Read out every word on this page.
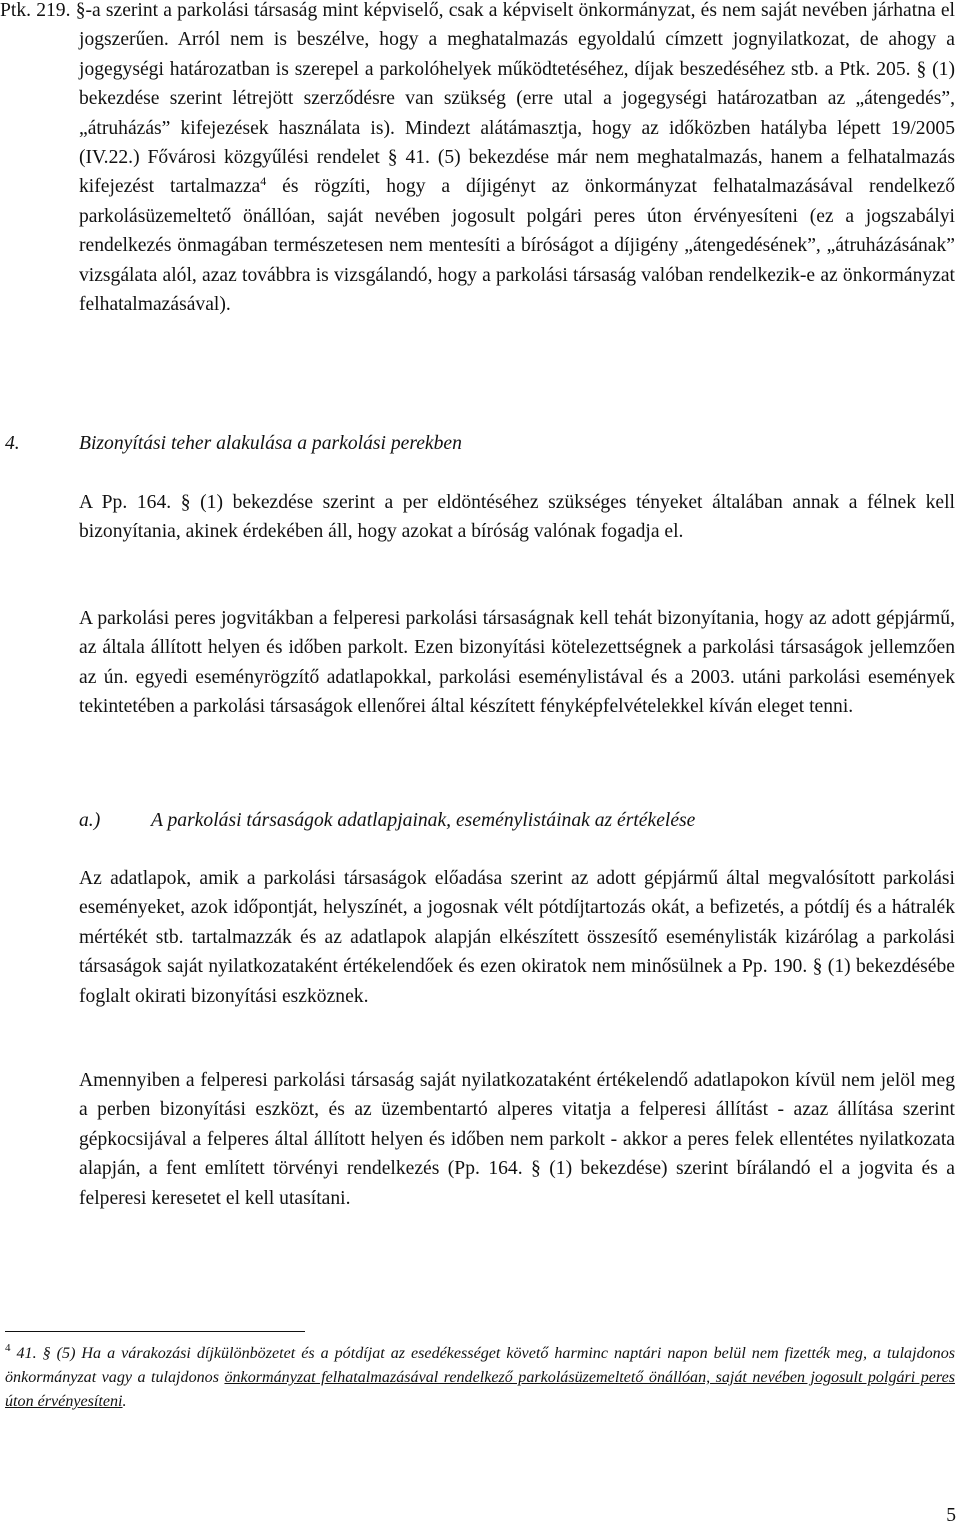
Ptk. 219. §-a szerint a parkolási társaság mint képviselő, csak a képviselt önkormányzat, és nem saját nevében járhatna el jogszerűen. Arról nem is beszélve, hogy a meghatalmazás egyoldalú címzett jognyilatkozat, de ahogy a jogegységi határozatban is szerepel a parkolóhelyek működtetéséhez, díjak beszedéséhez stb. a Ptk. 205. § (1) bekezdése szerint létrejött szerződésre van szükség (erre utal a jogegységi határozatban az „átengedés”, „átruházás” kifejezések használata is). Mindezt alátámasztja, hogy az időközben hatályba lépett 19/2005 (IV.22.) Fővárosi közgyűlési rendelet § 41. (5) bekezdése már nem meghatalmazás, hanem a felhatalmazás kifejezést tartalmazza$^4$ és rögzíti, hogy a díjigényt az önkormányzat felhatalmazásával rendelkező parkolásüzemeltető önállóan, saját nevében jogosult polgári peres úton érvényesíteni (ez a jogszabályi rendelkezés önmagában természetesen nem mentesíti a bíróságot a díjigény „átengedésének”, „átruházásának” vizsgálata alól, azaz továbbra is vizsgálandó, hogy a parkolási társaság valóban rendelkezik-e az önkormányzat felhatalmazásával).

4.	Bizonyítási teher alakulása a parkolási perekben

A Pp. 164. § (1) bekezdése szerint a per eldöntéséhez szükséges tényeket általában annak a félnek kell bizonyítania, akinek érdekében áll, hogy azokat a bíróság valónak fogadja el.

A parkolási peres jogvitákban a felperesi parkolási társaságnak kell tehát bizonyítania, hogy az adott gépjármű, az általa állított helyen és időben parkolt. Ezen bizonyítási kötelezettségnek a parkolási társaságok jellemzően az ún. egyedi eseményrögzítő adatlapokkal, parkolási eseménylistával és a 2003. utáni parkolási események tekintetében a parkolási társaságok ellenőrei által készített fényképfelvételekkel kíván eleget tenni.

a.)	A parkolási társaságok adatlapjainak, eseménylistáinak az értékelése

Az adatlapok, amik a parkolási társaságok előadása szerint az adott gépjármű által megvalósított parkolási eseményeket, azok időpontját, helyszínét, a jogosnak vélt pótdíjtartozás okát, a befizetés, a pótdíj és a hátralék mértékét stb. tartalmazzák és az adatlapok alapján elkészített összesítő eseménylisták kizárólag a parkolási társaságok saját nyilatkozataként értékelendőek és ezen okiratok nem minősülnek a Pp. 190. § (1) bekezdésébe foglalt okirati bizonyítási eszköznek.

Amennyiben a felperesi parkolási társaság saját nyilatkozataként értékelendő adatlapokon kívül nem jelöl meg a perben bizonyítási eszközt, és az üzembentartó alperes vitatja a felperesi állítást - azaz állítása szerint gépkocsijával a felperes által állított helyen és időben nem parkolt - akkor a peres felek ellentétes nyilatkozata alapján, a fent említett törvényi rendelkezés (Pp. 164. § (1) bekezdése) szerint bírálandó el a jogvita és a felperesi keresetet el kell utasítani.

$^4$ 41. § (5) Ha a várakozási díjkülönbözetet és a pótdíjat az esedékességet követő harminc naptári napon belül nem fizették meg, a tulajdonos önkormányzat vagy a tulajdonos önkormányzat felhatalmazásával rendelkező parkolásüzemeltető önállóan, saját nevében jogosult polgári peres úton érvényesíteni.

5
